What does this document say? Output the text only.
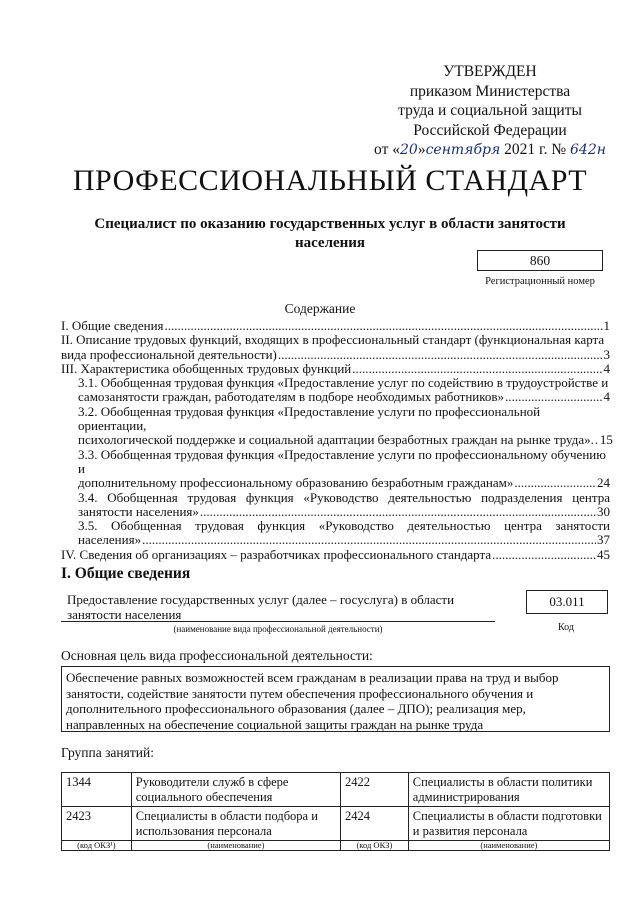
УТВЕРЖДЕН
приказом Министерства
труда и социальной защиты
Российской Федерации
от «20»сентября 2021 г. № 642н
ПРОФЕССИОНАЛЬНЫЙ СТАНДАРТ
Специалист по оказанию государственных услуг в области занятости населения
860
Регистрационный номер
Содержание
I. Общие сведения .....	1
II. Описание трудовых функций, входящих в профессиональный стандарт (функциональная карта
вида профессиональной деятельности) .....	3
III. Характеристика обобщенных трудовых функций .....	4
3.1. Обобщенная трудовая функция «Предоставление услуг по содействию в трудоустройстве и
самозанятости граждан, работодателям в подборе необходимых работников» .....	4
3.2. Обобщенная трудовая функция «Предоставление услуги по профессиональной ориентации,
психологической поддержке и социальной адаптации безработных граждан на рынке труда». ..... 15
3.3. Обобщенная трудовая функция «Предоставление услуги по профессиональному обучению и
дополнительному профессиональному образованию безработным гражданам» .....	24
3.4. Обобщенная трудовая функция «Руководство деятельностью подразделения центра
занятости населения» .....	30
3.5. Обобщенная трудовая функция «Руководство деятельностью центра занятости
населения» .....	37
IV. Сведения об организациях – разработчиках профессионального стандарта .....	45
I. Общие сведения
Предоставление государственных услуг (далее – госуслуга) в области занятости населения
(наименование вида профессиональной деятельности)
03.011
Код
Основная цель вида профессиональной деятельности:
Обеспечение равных возможностей всем гражданам в реализации права на труд и выбор занятости, содействие занятости путем обеспечения профессионального обучения и дополнительного профессионального образования (далее – ДПО); реализация мер, направленных на обеспечение социальной защиты граждан на рынке труда
Группа занятий:
1344	Руководители служб в сфере социального обеспечения	2422	Специалисты в области политики администрирования
2423	Специалисты в области подбора и использования персонала	2424	Специалисты в области подготовки и развития персонала
(код ОКЗ¹)	(наименование)	(код ОКЗ)	(наименование)
